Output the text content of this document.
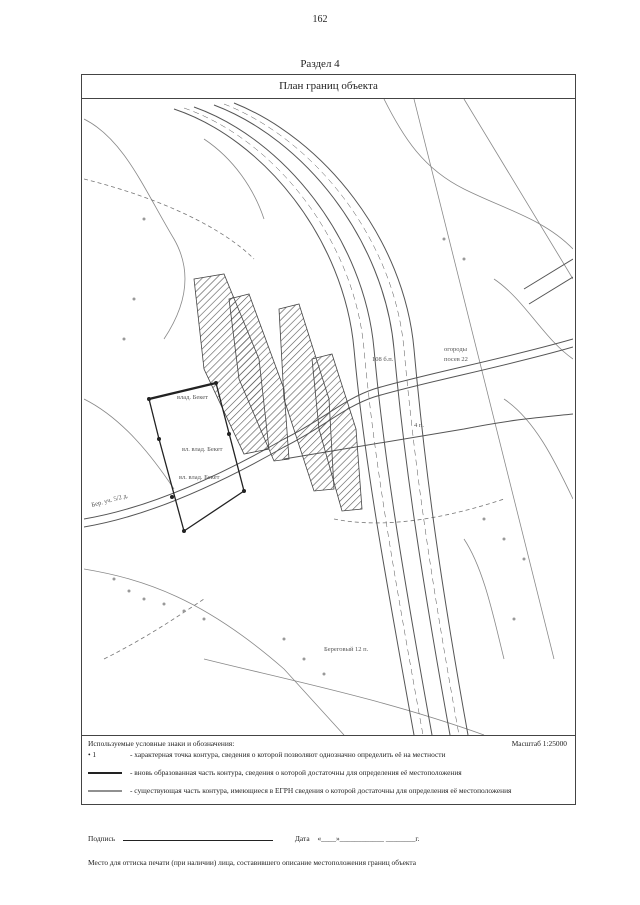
162
Раздел 4
План границ объекта
влад. Бекет
вл. влад. Бекет
вл. влад. Бекет
Бер. уч. 5/2 д.
огороды
посев 22
108 б.п.
4 п.
Береговый 12 п.
Используемые условные знаки и обозначения:	Масштаб 1:25000
• 1	- характерная точка контура, сведения о которой позволяют однозначно определить её на местности
- вновь образованная часть контура, сведения о которой достаточны для определения её местоположения
- существующая часть контура, имеющиеся в ЕГРН сведения о которой достаточны для определения её местоположения
Подпись	Дата «____»____________ ________г.
Место для оттиска печати (при наличии) лица, составившего описание местоположения границ объекта
